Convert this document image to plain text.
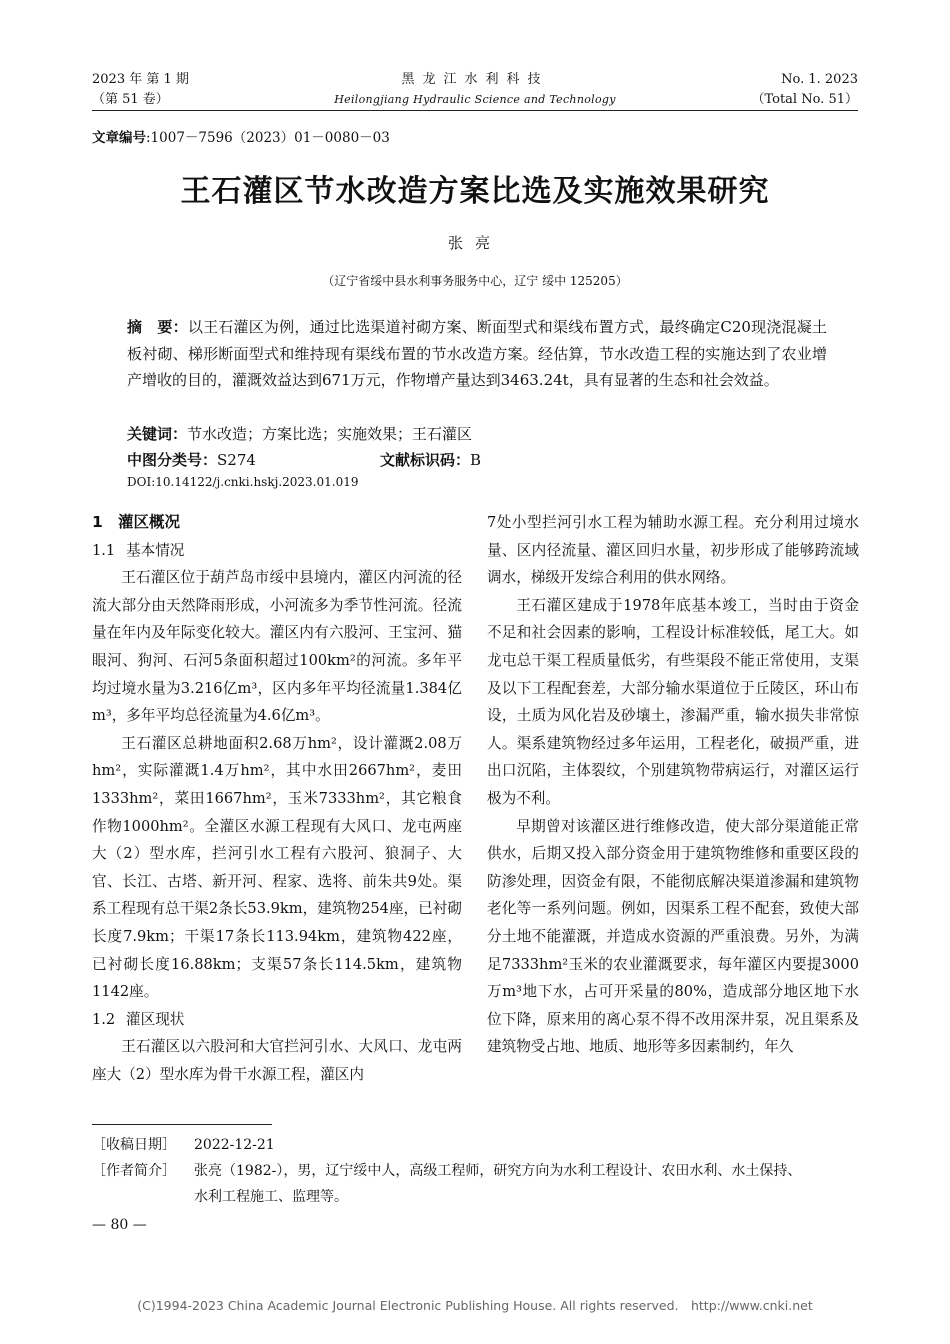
2023 年 第 1 期
（第 51 卷）
黑龙江水利科技
Heilongjiang Hydraulic Science and Technology
No. 1. 2023
（Total No. 51）
文章编号:1007－7596（2023）01－0080－03
王石灌区节水改造方案比选及实施效果研究
张亮
（辽宁省绥中县水利事务服务中心，辽宁 绥中 125205）
摘　要：以王石灌区为例，通过比选渠道衬砌方案、断面型式和渠线布置方式，最终确定C20现浇混凝土板衬砌、梯形断面型式和维持现有渠线布置的节水改造方案。经估算，节水改造工程的实施达到了农业增产增收的目的，灌溉效益达到671万元，作物增产量达到3463.24t，具有显著的生态和社会效益。
关键词：节水改造；方案比选；实施效果；王石灌区
中图分类号：S274	文献标识码：B
DOI:10.14122/j.cnki.hskj.2023.01.019

1 灌区概况

1.1 基本情况

王石灌区位于葫芦岛市绥中县境内，灌区内河流的径流大部分由天然降雨形成，小河流多为季节性河流。径流量在年内及年际变化较大。灌区内有六股河、王宝河、猫眼河、狗河、石河5条面积超过100km²的河流。多年平均过境水量为3.216亿m³，区内多年平均径流量1.384亿m³，多年平均总径流量为4.6亿m³。

王石灌区总耕地面积2.68万hm²，设计灌溉2.08万hm²，实际灌溉1.4万hm²，其中水田2667hm²，麦田1333hm²，菜田1667hm²，玉米7333hm²，其它粮食作物1000hm²。全灌区水源工程现有大风口、龙屯两座大（2）型水库，拦河引水工程有六股河、狼洞子、大官、长江、古塔、新开河、程家、选将、前朱共9处。渠系工程现有总干渠2条长53.9km，建筑物254座，已衬砌长度7.9km；干渠17条长113.94km，建筑物422座，已衬砌长度16.88km；支渠57条长114.5km，建筑物1142座。

1.2 灌区现状

王石灌区以六股河和大官拦河引水、大风口、龙屯两座大（2）型水库为骨干水源工程，灌区内

7处小型拦河引水工程为辅助水源工程。充分利用过境水量、区内径流量、灌区回归水量，初步形成了能够跨流域调水，梯级开发综合利用的供水网络。

王石灌区建成于1978年底基本竣工，当时由于资金不足和社会因素的影响，工程设计标准较低，尾工大。如龙屯总干渠工程质量低劣，有些渠段不能正常使用，支渠及以下工程配套差，大部分输水渠道位于丘陵区，环山布设，土质为风化岩及砂壤土，渗漏严重，输水损失非常惊人。渠系建筑物经过多年运用，工程老化，破损严重，进出口沉陷，主体裂纹，个别建筑物带病运行，对灌区运行极为不利。

早期曾对该灌区进行维修改造，使大部分渠道能正常供水，后期又投入部分资金用于建筑物维修和重要区段的防渗处理，因资金有限，不能彻底解决渠道渗漏和建筑物老化等一系列问题。例如，因渠系工程不配套，致使大部分土地不能灌溉，并造成水资源的严重浪费。另外，为满足7333hm²玉米的农业灌溉要求，每年灌区内要提3000万m³地下水，占可开采量的80%，造成部分地区地下水位下降，原来用的离心泵不得不改用深井泵，况且渠系及建筑物受占地、地质、地形等多因素制约，年久

［收稿日期］ 2022-12-21
［作者简介］ 张亮（1982-），男，辽宁绥中人，高级工程师，研究方向为水利工程设计、农田水利、水土保持、
水利工程施工、监理等。
— 80 —
(C)1994-2023 China Academic Journal Electronic Publishing House. All rights reserved.　http://www.cnki.net
